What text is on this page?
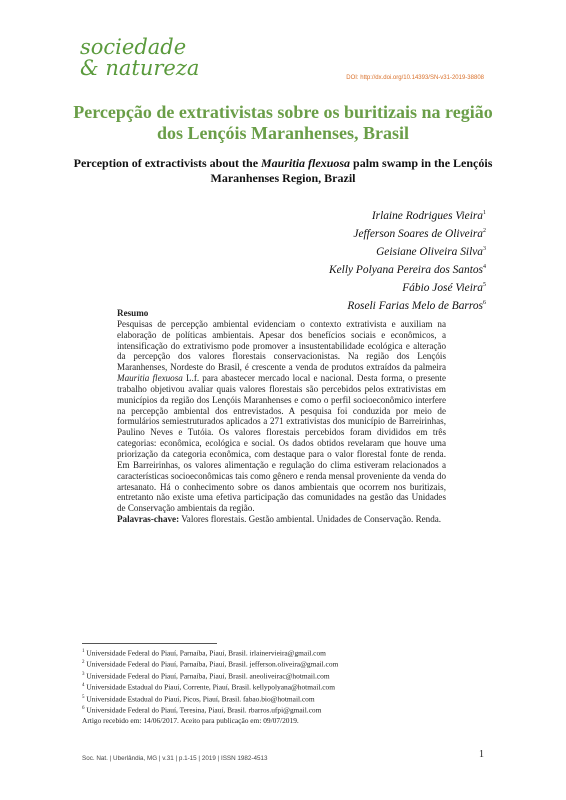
sociedade
& natureza	DOI: http://dx.doi.org/10.14393/SN-v31-2019-38808
Percepção de extrativistas sobre os buritizais na região dos Lençóis Maranhenses, Brasil
Perception of extractivists about the Mauritia flexuosa palm swamp in the Lençóis Maranhenses Region, Brazil
Irlaine Rodrigues Vieira$^1$
Jefferson Soares de Oliveira$^2$
Geisiane Oliveira Silva$^3$
Kelly Polyana Pereira dos Santos$^4$
Fábio José Vieira$^5$
Roseli Farias Melo de Barros$^6$
Resumo

Pesquisas de percepção ambiental evidenciam o contexto extrativista e auxiliam na elaboração de políticas ambientais. Apesar dos benefícios sociais e econômicos, a intensificação do extrativismo pode promover a insustentabilidade ecológica e alteração da percepção dos valores florestais conservacionistas. Na região dos Lençóis Maranhenses, Nordeste do Brasil, é crescente a venda de produtos extraídos da palmeira Mauritia flexuosa L.f. para abastecer mercado local e nacional. Desta forma, o presente trabalho objetivou avaliar quais valores florestais são percebidos pelos extrativistas em municípios da região dos Lençóis Maranhenses e como o perfil socioeconômico interfere na percepção ambiental dos entrevistados. A pesquisa foi conduzida por meio de formulários semiestruturados aplicados a 271 extrativistas dos município de Barreirinhas, Paulino Neves e Tutóia. Os valores florestais percebidos foram divididos em três categorias: econômica, ecológica e social. Os dados obtidos revelaram que houve uma priorização da categoria econômica, com destaque para o valor florestal fonte de renda. Em Barreirinhas, os valores alimentação e regulação do clima estiveram relacionados a características socioeconômicas tais como gênero e renda mensal proveniente da venda do artesanato. Há o conhecimento sobre os danos ambientais que ocorrem nos buritizais, entretanto não existe uma efetiva participação das comunidades na gestão das Unidades de Conservação ambientais da região.

Palavras-chave: Valores florestais. Gestão ambiental. Unidades de Conservação. Renda.

$^1$ Universidade Federal do Piauí, Parnaíba, Piauí, Brasil. irlainervieira@gmail.com
$^2$ Universidade Federal do Piauí, Parnaíba, Piauí, Brasil. jefferson.oliveira@gmail.com
$^3$ Universidade Federal do Piauí, Parnaíba, Piauí, Brasil. aneoliveirac@hotmail.com
$^4$ Universidade Estadual do Piauí, Corrente, Piauí, Brasil. kellypolyana@hotmail.com
$^5$ Universidade Estadual do Piauí, Picos, Piauí, Brasil. fabao.bio@hotmail.com
$^6$ Universidade Federal do Piauí, Teresina, Piauí, Brasil. rbarros.ufpi@gmail.com
Artigo recebido em: 14/06/2017. Aceito para publicação em: 09/07/2019.
Soc. Nat. | Uberlândia, MG | v.31 | p.1-15 | 2019 | ISSN 1982-4513	1
